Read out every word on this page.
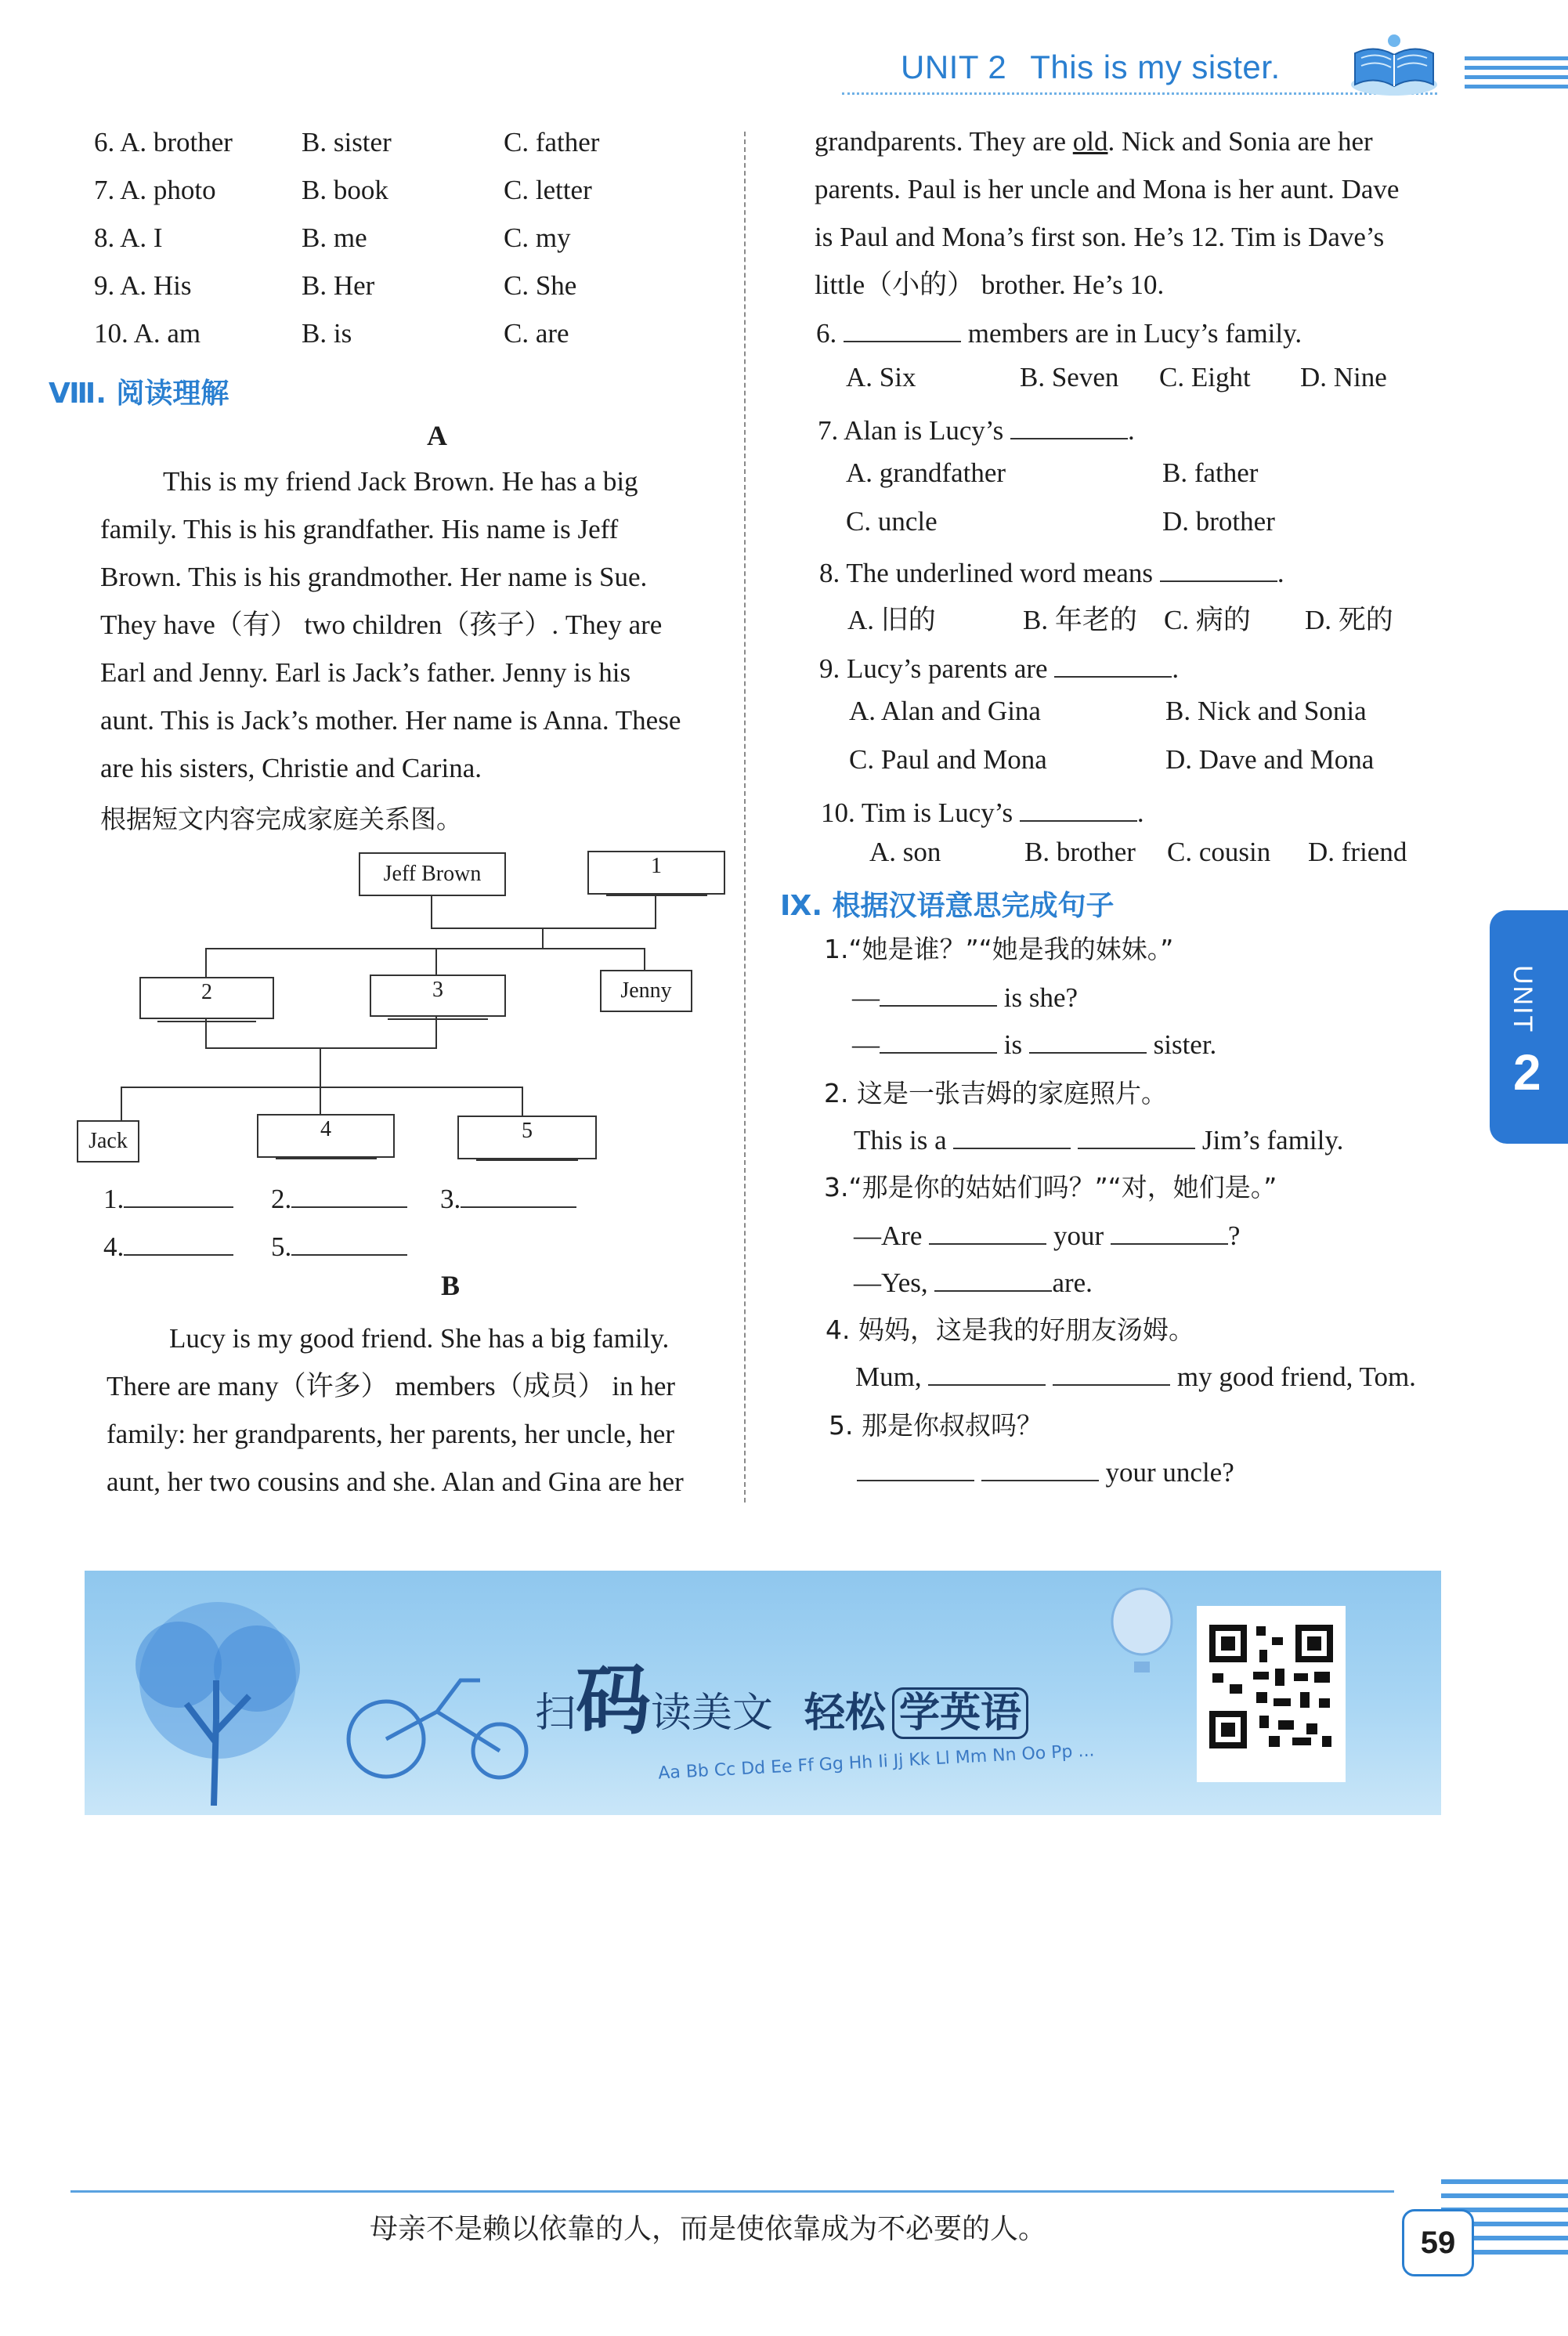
UNIT 2 This is my sister.
6. A. brother	B. sister	C. father
7. A. photo	B. book	C. letter
8. A. I	B. me	C. my
9. A. His	B. Her	C. She
10. A. am	B. is	C. are
Ⅷ. 阅读理解
A
This is my friend Jack Brown. He has a big
family. This is his grandfather. His name is Jeff
Brown. This is his grandmother. Her name is Sue.
They have（有） two children（孩子）. They are
Earl and Jenny. Earl is Jack’s father. Jenny is his
aunt. This is Jack’s mother. Her name is Anna. These
are his sisters, Christie and Carina.
根据短文内容完成家庭关系图。
Jeff Brown	1
2	3	Jenny
Jack	4	5
1.	2.	3.
4.	5.
B
Lucy is my good friend. She has a big family.
There are many（许多） members（成员） in her
family: her grandparents, her parents, her uncle, her
aunt, her two cousins and she. Alan and Gina are her
grandparents. They are old. Nick and Sonia are her
parents. Paul is her uncle and Mona is her aunt. Dave
is Paul and Mona’s first son. He’s 12. Tim is Dave’s
little（小的） brother. He’s 10.
6.	members are in Lucy’s family.
A. Six	B. Seven C. Eight D. Nine
7. Alan is Lucy’s	.
A. grandfather	B. father
C. uncle	D. brother
8. The underlined word means	.
A. 旧的	B. 年老的 C. 病的 D. 死的
9. Lucy’s parents are	.
A. Alan and Gina	B. Nick and Sonia
C. Paul and Mona	D. Dave and Mona
10. Tim is Lucy’s	.
A. son	B. brother C. cousin D. friend
Ⅸ. 根据汉语意思完成句子
1.“她是谁？”“她是我的妹妹。”
—	is she?
—	is	sister.
2. 这是一张吉姆的家庭照片。
This is a	Jim’s family.
3.“那是你的姑姑们吗？”“对，她们是。”
—Are	your	?
—Yes,	are.
4. 妈妈，这是我的好朋友汤姆。
Mum,	my good friend, Tom.
5. 那是你叔叔吗？
your uncle?
UNIT
2
扫码读美文 轻松 学英语
Aa Bb Cc Dd Ee Ff Gg Hh Ii Jj Kk Ll Mm Nn Oo Pp ...
母亲不是赖以依靠的人，而是使依靠成为不必要的人。	59
